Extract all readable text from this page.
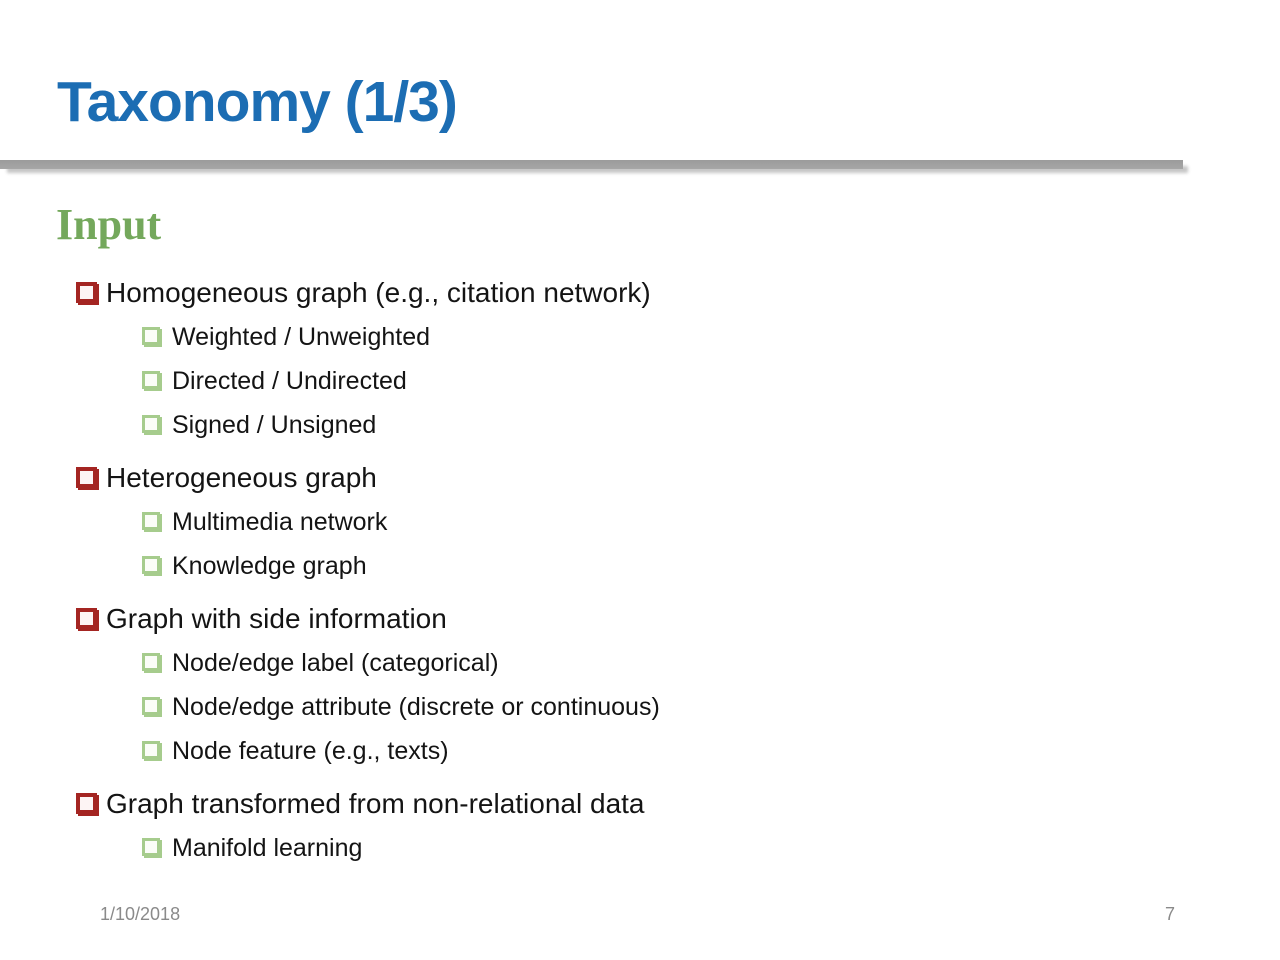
Taxonomy (1/3)
Input
Homogeneous graph (e.g., citation network)
Weighted / Unweighted
Directed / Undirected
Signed / Unsigned
Heterogeneous graph
Multimedia network
Knowledge graph
Graph with side information
Node/edge label (categorical)
Node/edge attribute (discrete or continuous)
Node feature (e.g., texts)
Graph transformed from non-relational data
Manifold learning
1/10/2018	7
